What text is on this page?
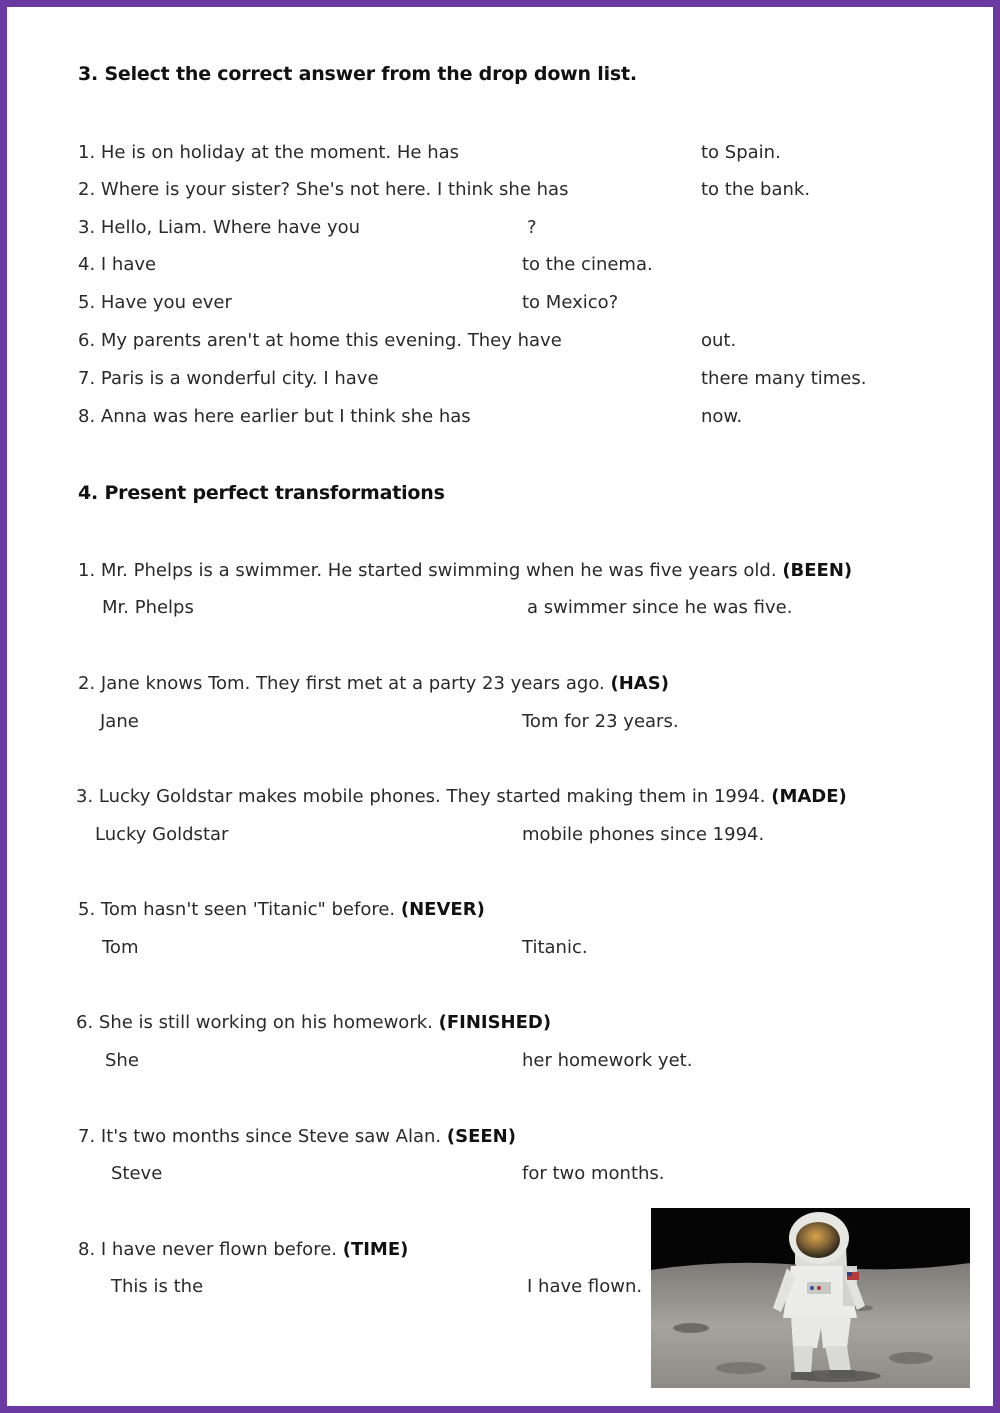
3. Select the correct answer from the drop down list.
1. He is on holiday at the moment. He has	to Spain.
2. Where is your sister? She's not here. I think she has	to the bank.
3. Hello, Liam. Where have you	?
4. I have	to the cinema.
5. Have you ever	to Mexico?
6. My parents aren't at home this evening. They have	out.
7. Paris is a wonderful city. I have	there many times.
8. Anna was here earlier but I think she has	now.
4. Present perfect transformations
1. Mr. Phelps is a swimmer. He started swimming when he was five years old. (BEEN)
Mr. Phelps	a swimmer since he was five.
2. Jane knows Tom. They first met at a party 23 years ago. (HAS)
Jane	Tom for 23 years.
3. Lucky Goldstar makes mobile phones. They started making them in 1994. (MADE)
Lucky Goldstar	mobile phones since 1994.
5. Tom hasn't seen 'Titanic" before. (NEVER)
Tom	Titanic.
6. She is still working on his homework. (FINISHED)
She	her homework yet.
7. It's two months since Steve saw Alan. (SEEN)
Steve	for two months.
8. I have never flown before. (TIME)
This is the	I have flown.
